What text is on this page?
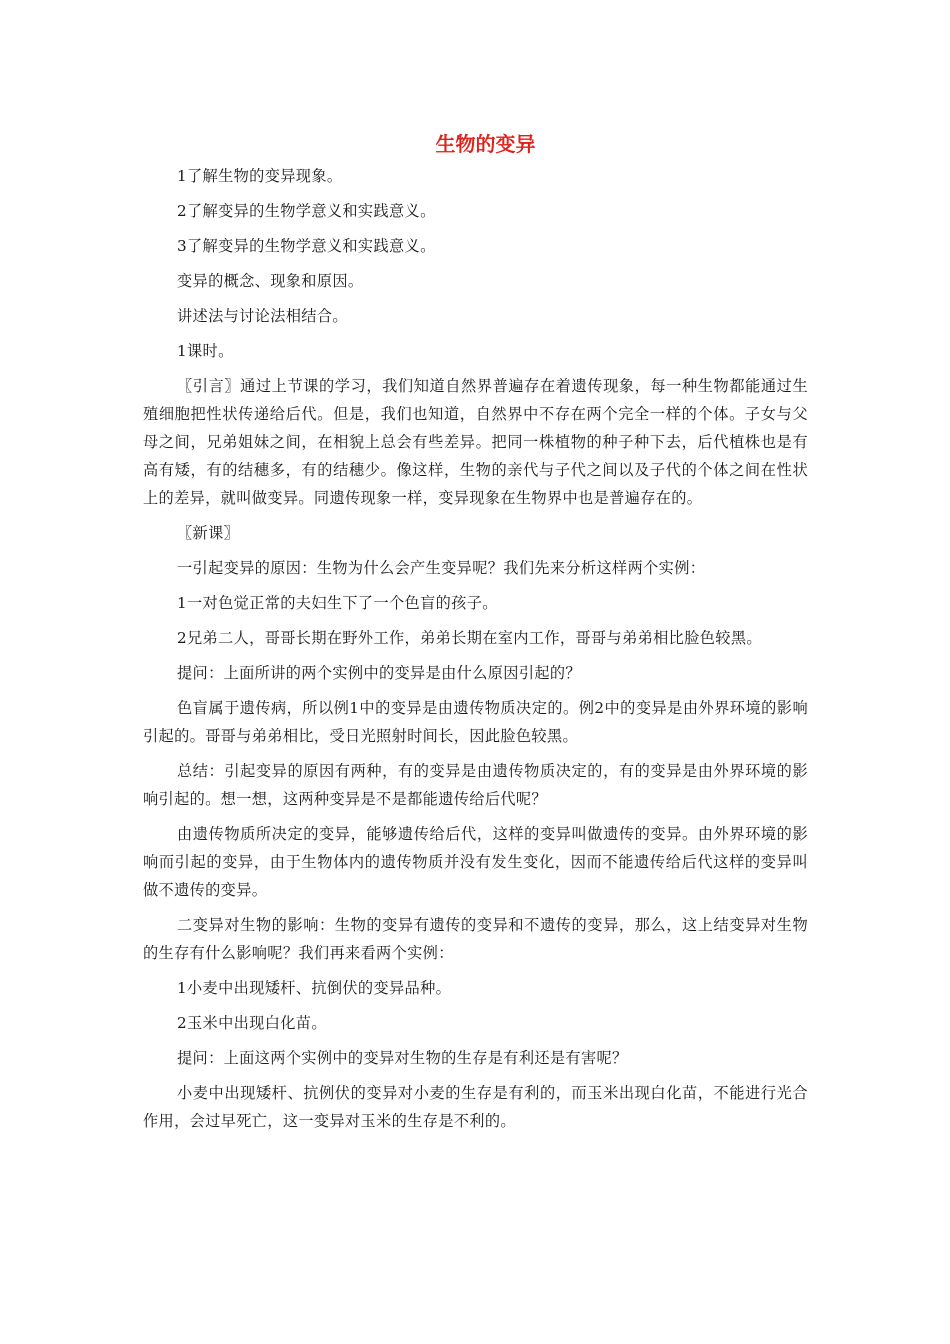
生物的变异

1了解生物的变异现象。

2了解变异的生物学意义和实践意义。

3了解变异的生物学意义和实践意义。

变异的概念、现象和原因。

讲述法与讨论法相结合。

1课时。

〖引言〗通过上节课的学习，我们知道自然界普遍存在着遗传现象，每一种生物都能通过生殖细胞把性状传递给后代。但是，我们也知道，自然界中不存在两个完全一样的个体。子女与父母之间，兄弟姐妹之间，在相貌上总会有些差异。把同一株植物的种子种下去，后代植株也是有高有矮，有的结穗多，有的结穗少。像这样，生物的亲代与子代之间以及子代的个体之间在性状上的差异，就叫做变异。同遗传现象一样，变异现象在生物界中也是普遍存在的。

〖新课〗

一引起变异的原因：生物为什么会产生变异呢？我们先来分析这样两个实例：

1一对色觉正常的夫妇生下了一个色盲的孩子。

2兄弟二人，哥哥长期在野外工作，弟弟长期在室内工作，哥哥与弟弟相比脸色较黑。

提问：上面所讲的两个实例中的变异是由什么原因引起的？

色盲属于遗传病，所以例1中的变异是由遗传物质决定的。例2中的变异是由外界环境的影响引起的。哥哥与弟弟相比，受日光照射时间长，因此脸色较黑。

总结：引起变异的原因有两种，有的变异是由遗传物质决定的，有的变异是由外界环境的影响引起的。想一想，这两种变异是不是都能遗传给后代呢？

由遗传物质所决定的变异，能够遗传给后代，这样的变异叫做遗传的变异。由外界环境的影响而引起的变异，由于生物体内的遗传物质并没有发生变化，因而不能遗传给后代这样的变异叫做不遗传的变异。

二变异对生物的影响：生物的变异有遗传的变异和不遗传的变异，那么，这上结变异对生物的生存有什么影响呢？我们再来看两个实例：

1小麦中出现矮杆、抗倒伏的变异品种。

2玉米中出现白化苗。

提问：上面这两个实例中的变异对生物的生存是有利还是有害呢？

小麦中出现矮杆、抗例伏的变异对小麦的生存是有利的，而玉米出现白化苗，不能进行光合作用，会过早死亡，这一变异对玉米的生存是不利的。
